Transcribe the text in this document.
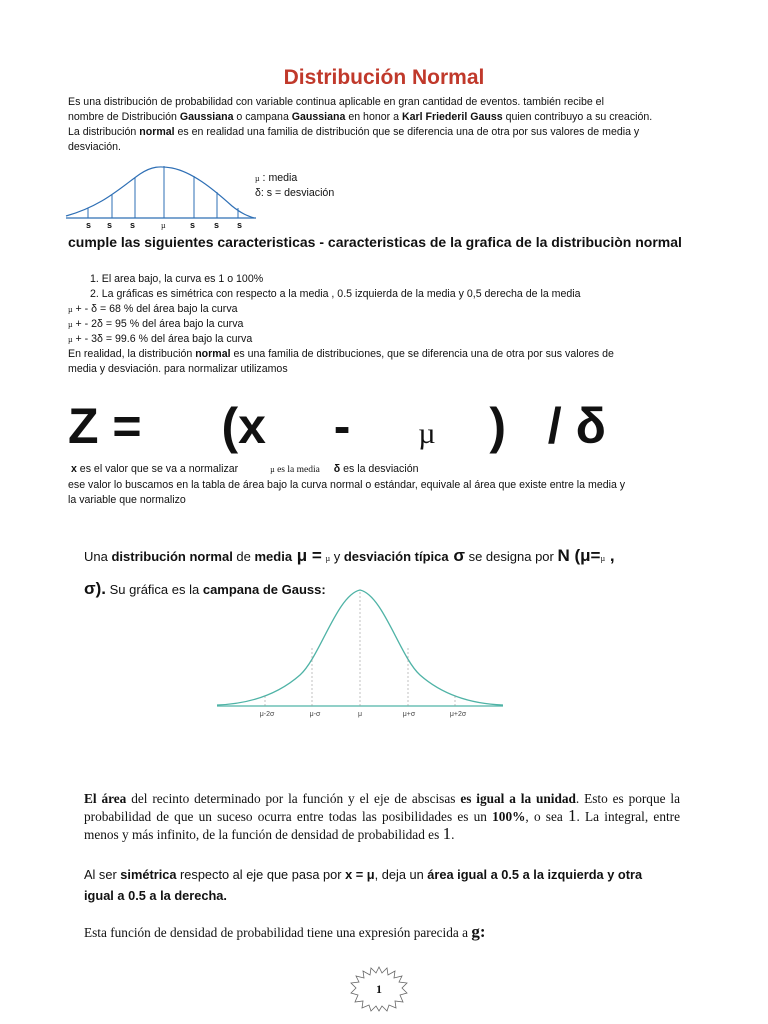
Distribución Normal
Es una distribución de probabilidad con variable continua aplicable en gran cantidad de eventos. también recibe el
nombre de Distribución Gaussiana o campana Gaussiana en honor a Karl Friederil Gauss quien contribuyo a su creación.
La distribución normal es en realidad una familia de distribución que se diferencia una de otra por sus valores de media y
desviación.
s s s	µ	s s s
µ : media
δ: s = desviación
cumple las siguientes caracteristicas - caracteristicas de la grafica de la distribuciòn normal
1. El area bajo, la curva es 1 o 100%
2. La gráficas es simétrica con respecto a la media , 0.5 izquierda de la media y 0,5 derecha de la media
µ + - δ = 68 % del área bajo la curva
µ + - 2δ = 95 % del área bajo la curva
µ + - 3δ = 99.6 % del área bajo la curva
En realidad, la distribución normal es una familia de distribuciones, que se diferencia una de otra por sus valores de
media y desviación. para normalizar utilizamos
Z = (x - µ ) / δ
x es el valor que se va a normalizar	µ es la media δ es la desviación
ese valor lo buscamos en la tabla de área bajo la curva normal o estándar, equivale al área que existe entre la media y
la variable que normalizo
Una distribución normal de media μ = µ y desviación típica σ se designa por N (μ=µ ,
σ). Su gráfica es la campana de Gauss:
μ-2σ	μ-σ	μ	μ+σ	μ+2σ
El área del recinto determinado por la función y el eje de abscisas es igual a la unidad. Esto es porque la probabilidad de que un suceso ocurra entre todas las posibilidades es un 100%, o sea 1. La integral, entre menos y más infinito, de la función de densidad de probabilidad es 1.
Al ser simétrica respecto al eje que pasa por x = μ, deja un área igual a 0.5 a la izquierda y otra igual a 0.5 a la derecha.
Esta función de densidad de probabilidad tiene una expresión parecida a g:
1
